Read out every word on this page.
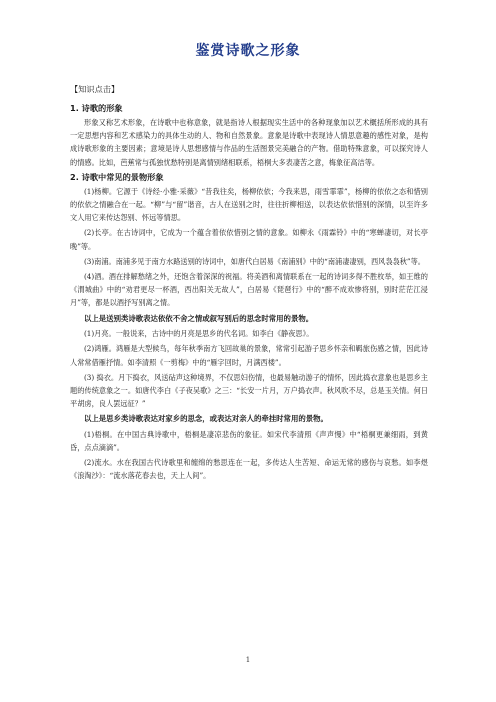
鉴赏诗歌之形象
【知识点击】
1. 诗歌的形象

形象又称艺术形象，在诗歌中也称意象，就是指诗人根据现实生活中的各种现象加以艺术概括所形成的具有一定思想内容和艺术感染力的具体生动的人、物和自然景象。意象是诗歌中表现诗人情思意趣的感性对象，是构成诗歌形象的主要因素；意境是诗人思想感情与作品的生活图景完美融合的产物。借助特殊意象，可以探究诗人的情感。比如，芭蕉常与孤独忧愁特别是离情别绪相联系，梧桐大多表凄苦之意，梅象征高洁等。

2. 诗歌中常见的景物形象

(1)杨柳。它源于《诗经·小雅·采薇》“昔我往矣，杨柳依依；今我来思，雨雪霏霏”，杨柳的依依之态和惜别的依依之情融合在一起。“柳”与“留”谐音，古人在送别之时，往往折柳相送，以表达依依惜别的深情，以至许多文人用它来传达怨别、怀远等情思。

(2)长亭。在古诗词中，它成为一个蕴含着依依惜别之情的意象。如柳永《雨霖铃》中的“寒蝉凄切，对长亭晚”等。

(3)南浦。南浦多见于南方水路送别的诗词中，如唐代白居易《南浦别》中的“南浦凄凄别，西风袅袅秋”等。

(4)酒。酒在排解愁绪之外，还饱含着深深的祝福。将美酒和离情联系在一起的诗词多得不胜枚举，如王维的《渭城曲》中的“劝君更尽一杯酒，西出阳关无故人”，白居易《琵琶行》中的“醉不成欢惨将别，别时茫茫江浸月”等，都是以酒抒写别离之情。

以上是送别类诗歌表达依依不舍之情或叙写别后的思念时常用的景物。

(1)月亮。一般说来，古诗中的月亮是思乡的代名词。如李白《静夜思》。

(2)鸿雁。鸿雁是大型候鸟，每年秋季南方飞回故巢的景象，常常引起游子思乡怀亲和羁旅伤感之情，因此诗人常常借雁抒情。如李清照《一剪梅》中的“雁字回时，月满西楼”。

(3) 捣衣。月下捣衣，风送砧声这种境界，不仅思妇伤情，也最易触动游子的情怀，因此捣衣意象也是思乡主题的传统意象之一。如唐代李白《子夜吴歌》之三：“长安一片月，万户捣衣声。秋风吹不尽，总是玉关情。何日平胡虏，良人罢远征？”

以上是思乡类诗歌表达对家乡的思念，或表达对亲人的牵挂时常用的景物。

(1)梧桐。在中国古典诗歌中，梧桐是凄凉悲伤的象征。如宋代李清照《声声慢》中“梧桐更兼细雨，到黄昏，点点滴滴”。

(2)流水。水在我国古代诗歌里和缠绵的愁思连在一起，多传达人生苦短、命运无常的感伤与哀愁。如李煜《浪淘沙》：“流水落花春去也，天上人间”。

1
